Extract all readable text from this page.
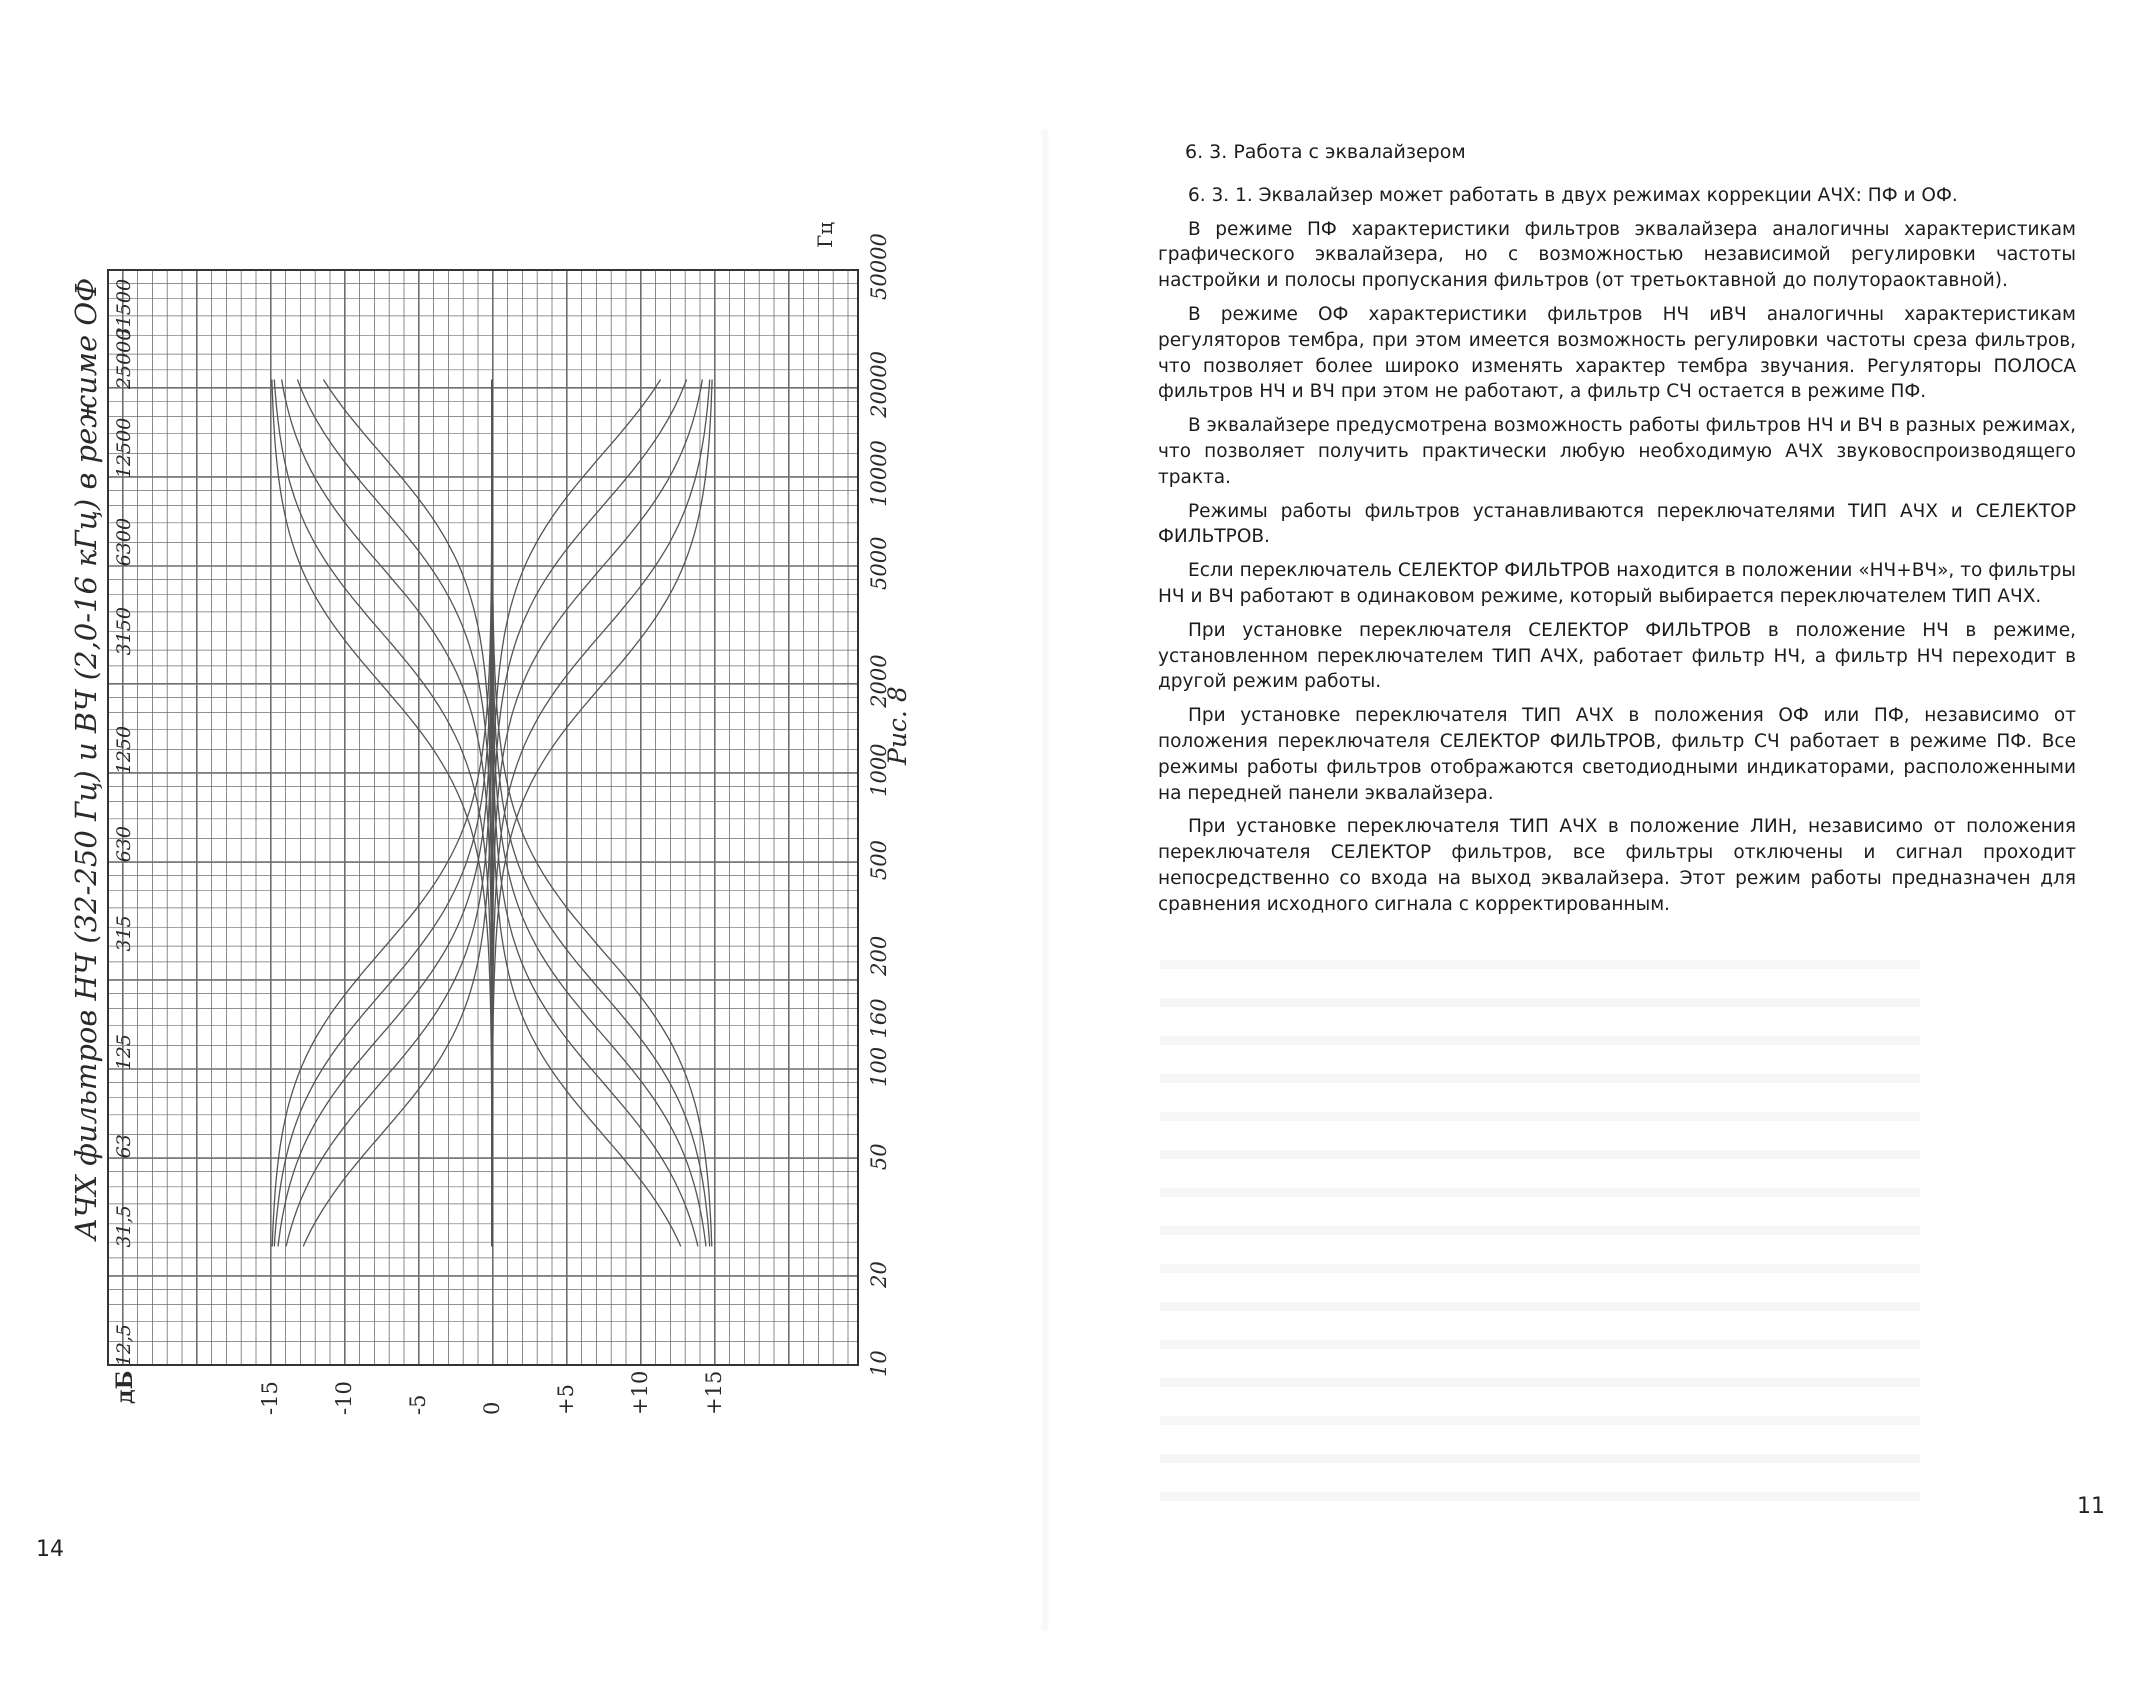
АЧХ фильтров НЧ (32-250 Гц) и ВЧ (2,0-16 кГц) в режиме ОФ	Рис. 8
дБ
Гц
+15
+10
+5
0
-5
-10
-15
12,5
31,5
63
125
315
630
1250
3150
6300
12500
25000
31500
10
20
50
100
160
200
500
1000
2000
5000
10000
20000
50000
14
11
6. 3. Работа с эквалайзером

6. 3. 1. Эквалайзер может работать в двух режимах коррекции АЧХ: ПФ и ОФ.

В режиме ПФ характеристики фильтров эквалайзера аналогичны характеристикам графического эквалайзера, но с возможностью независимой регулировки частоты настройки и полосы пропускания фильтров (от третьоктавной до полутораоктавной).

В режиме ОФ характеристики фильтров НЧ иВЧ аналогичны характеристикам регуляторов тембра, при этом имеется возможность регулировки частоты среза фильтров, что позволяет более широко изменять характер тембра звучания. Регуляторы ПОЛОСА фильтров НЧ и ВЧ при этом не работают, а фильтр СЧ остается в режиме ПФ.

В эквалайзере предусмотрена возможность работы фильтров НЧ и ВЧ в разных режимах, что позволяет получить практически любую необходимую АЧХ звуковоспроизводящего тракта.

Режимы работы фильтров устанавливаются переключателями ТИП АЧХ и СЕЛЕКТОР ФИЛЬТРОВ.

Если переключатель СЕЛЕКТОР ФИЛЬТРОВ находится в положении «НЧ+ВЧ», то фильтры НЧ и ВЧ работают в одинаковом режиме, который выбирается переключателем ТИП АЧХ.

При установке переключателя СЕЛЕКТОР ФИЛЬТРОВ в положение НЧ в режиме, установленном переключателем ТИП АЧХ, работает фильтр НЧ, а фильтр НЧ переходит в другой режим работы.

При установке переключателя ТИП АЧХ в положения ОФ или ПФ, независимо от положения переключателя СЕЛЕКТОР ФИЛЬТРОВ, фильтр СЧ работает в режиме ПФ. Все режимы работы фильтров отображаются светодиодными индикаторами, расположенными на передней панели эквалайзера.

При установке переключателя ТИП АЧХ в положение ЛИН, независимо от положения переключателя СЕЛЕКТОР фильтров, все фильтры отключены и сигнал проходит непосредственно со входа на выход эквалайзера. Этот режим работы предназначен для сравнения исходного сигнала с корректированным.
